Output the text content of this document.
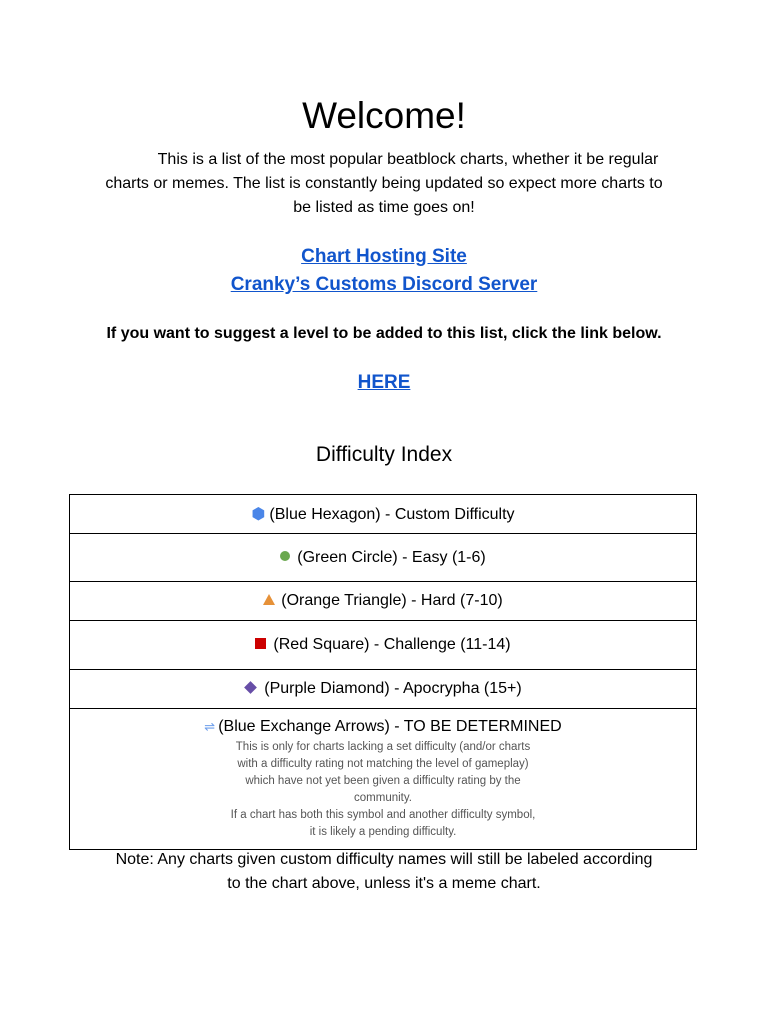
Welcome!
This is a list of the most popular beatblock charts, whether it be regular charts or memes. The list is constantly being updated so expect more charts to be listed as time goes on!
Chart Hosting Site
Cranky’s Customs Discord Server
If you want to suggest a level to be added to this list, click the link below.
HERE
Difficulty Index
⬢ (Blue Hexagon) - Custom Difficulty
(Green Circle) - Easy (1-6)
(Orange Triangle) - Hard (7-10)
(Red Square) - Challenge (11-14)
(Purple Diamond) - Apocrypha (15+)

⇌ (Blue Exchange Arrows) - TO BE DETERMINED
This is only for charts lacking a set difficulty (and/or charts with a difficulty rating not matching the level of gameplay) which have not yet been given a difficulty rating by the community.
If a chart has both this symbol and another difficulty symbol, it is likely a pending difficulty.
Note: Any charts given custom difficulty names will still be labeled according to the chart above, unless it's a meme chart.
